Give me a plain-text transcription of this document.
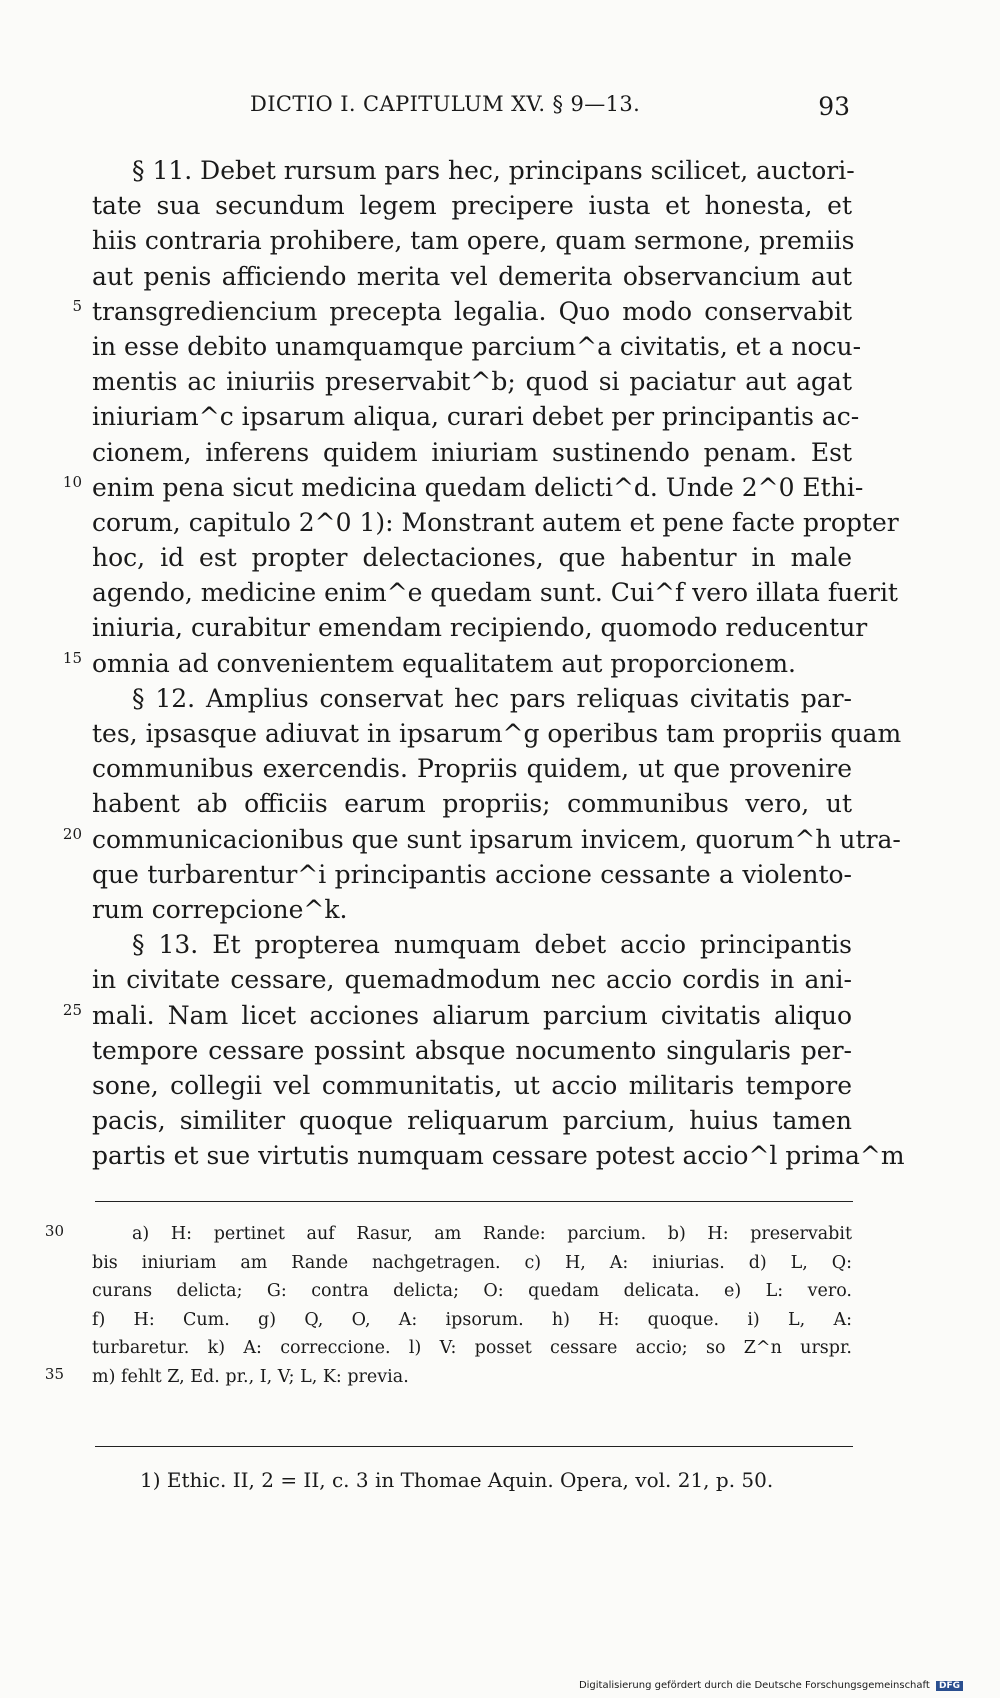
DICTIO I. CAPITULUM XV. § 9—13.	93
§ 11. Debet rursum pars hec, principans scilicet, auctori-
tate sua secundum legem precipere iusta et honesta, et
hiis contraria prohibere, tam opere, quam sermone, premiis
aut penis afficiendo merita vel demerita observancium aut
5 transgrediencium precepta legalia. Quo modo conservabit
in esse debito unamquamque parcium^a civitatis, et a nocu-
mentis ac iniuriis preservabit^b; quod si paciatur aut agat
iniuriam^c ipsarum aliqua, curari debet per principantis ac-
cionem, inferens quidem iniuriam sustinendo penam. Est
10 enim pena sicut medicina quedam delicti^d. Unde 2^0 Ethi-
corum, capitulo 2^0 1): Monstrant autem et pene facte propter
hoc, id est propter delectaciones, que habentur in male
agendo, medicine enim^e quedam sunt. Cui^f vero illata fuerit
iniuria, curabitur emendam recipiendo, quomodo reducentur
15 omnia ad convenientem equalitatem aut proporcionem.
§ 12. Amplius conservat hec pars reliquas civitatis par-
tes, ipsasque adiuvat in ipsarum^g operibus tam propriis quam
communibus exercendis. Propriis quidem, ut que provenire
habent ab officiis earum propriis; communibus vero, ut
20 communicacionibus que sunt ipsarum invicem, quorum^h utra-
que turbarentur^i principantis accione cessante a violento-
rum correpcione^k.
§ 13. Et propterea numquam debet accio principantis
in civitate cessare, quemadmodum nec accio cordis in ani-
25 mali. Nam licet acciones aliarum parcium civitatis aliquo
tempore cessare possint absque nocumento singularis per-
sone, collegii vel communitatis, ut accio militaris tempore
pacis, similiter quoque reliquarum parcium, huius tamen
partis et sue virtutis numquam cessare potest accio^l prima^m
30	a) H: pertinet auf Rasur, am Rande: parcium. b) H: preservabit
bis iniuriam am Rande nachgetragen. c) H, A: iniurias. d) L, Q:
curans delicta; G: contra delicta; O: quedam delicata. e) L: vero.
f) H: Cum. g) Q, O, A: ipsorum. h) H: quoque. i) L, A:
turbaretur. k) A: correccione. l) V: posset cessare accio; so Z^n urspr.
35 m) fehlt Z, Ed. pr., I, V; L, K: previa.
1) Ethic. II, 2 = II, c. 3 in Thomae Aquin. Opera, vol. 21, p. 50.
Digitalisierung gefördert durch die Deutsche Forschungsgemeinschaft DFG
